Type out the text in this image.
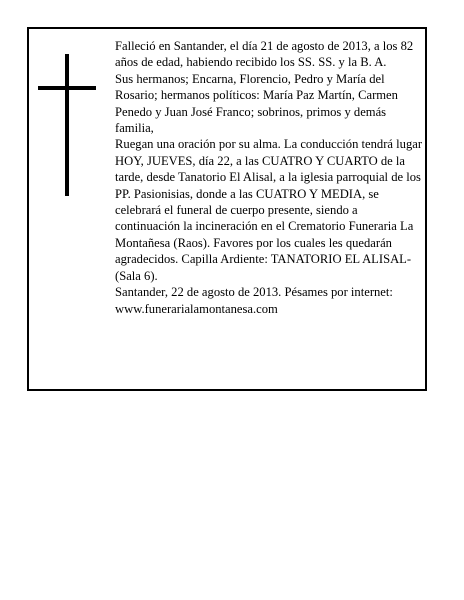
Falleció en Santander, el día 21 de agosto de 2013, a los 82 años de edad, habiendo recibido los SS. SS. y la B. A.

Sus hermanos; Encarna, Florencio, Pedro y María del Rosario; hermanos políticos: María Paz Martín, Carmen Penedo y Juan José Franco; sobrinos, primos y demás familia,

Ruegan una oración por su alma. La conducción tendrá lugar HOY, JUEVES, día 22, a las CUATRO Y CUARTO de la tarde, desde Tanatorio El Alisal, a la iglesia parroquial de los PP. Pasionisias, donde a las CUATRO Y MEDIA, se celebrará el funeral de cuerpo presente, siendo a continuación la incineración en el Crematorio Funeraria La Montañesa (Raos). Favores por los cuales les quedarán agradecidos. Capilla Ardiente: TANATORIO EL ALISAL-(Sala 6).

Santander, 22 de agosto de 2013. Pésames por internet: www.funerarialamontanesa.com
